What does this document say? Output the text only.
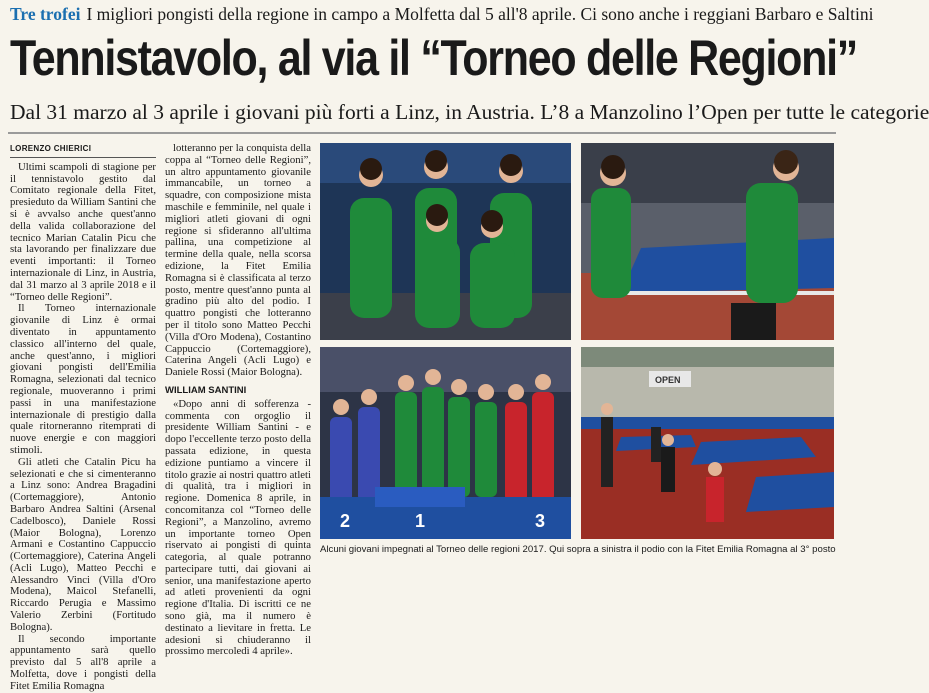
Tre trofei I migliori pongisti della regione in campo a Molfetta dal 5 all'8 aprile. Ci sono anche i reggiani Barbaro e Saltini
Tennistavolo, al via il “Torneo delle Regioni”
Dal 31 marzo al 3 aprile i giovani più forti a Linz, in Austria. L’8 a Manzolino l’Open per tutte le categorie

LORENZO CHIERICI

Ultimi scampoli di stagione per il tennistavolo gestito dal Comitato regionale della Fitet, presieduto da William Santini che si è avvalso anche quest'anno della valida collaborazione del tecnico Marian Catalin Picu che sta lavorando per finalizzare due eventi importanti: il Torneo internazionale di Linz, in Austria, dal 31 marzo al 3 aprile 2018 e il “Torneo delle Regioni”.

Il Torneo internazionale giovanile di Linz è ormai diventato in appuntamento classico all'interno del quale, anche quest'anno, i migliori giovani pongisti dell'Emilia Romagna, selezionati dal tecnico regionale, muoveranno i primi passi in una manifestazione internazionale di prestigio dalla quale ritorneranno ritemprati di nuove energie e con maggiori stimoli.

Gli atleti che Catalin Picu ha selezionati e che si cimenteranno a Linz sono: Andrea Bragadini (Cortemaggiore), Antonio Barbaro Andrea Saltini (Arsenal Cadelbosco), Daniele Rossi (Maior Bologna), Lorenzo Armani e Costantino Cappuccio (Cortemaggiore), Caterina Angeli (Acli Lugo), Matteo Pecchi e Alessandro Vinci (Villa d'Oro Modena), Maicol Stefanelli, Riccardo Perugia e Massimo Valerio Zerbini (Fortitudo Bologna).

Il secondo importante appuntamento sarà quello previsto dal 5 all'8 aprile a Molfetta, dove i pongisti della Fitet Emilia Romagna

lotteranno per la conquista della coppa al “Torneo delle Regioni”, un altro appuntamento giovanile immancabile, un torneo a squadre, con composizione mista maschile e femminile, nel quale i migliori atleti giovani di ogni regione si sfideranno all'ultima pallina, una competizione al termine della quale, nella scorsa edizione, la Fitet Emilia Romagna si è classificata al terzo posto, mentre quest'anno punta al gradino più alto del podio. I quattro pongisti che lotteranno per il titolo sono Matteo Pecchi (Villa d'Oro Modena), Costantino Cappuccio (Cortemaggiore), Caterina Angeli (Acli Lugo) e Daniele Rossi (Maior Bologna).

WILLIAM SANTINI

«Dopo anni di sofferenza - commenta con orgoglio il presidente William Santini - e dopo l'eccellente terzo posto della passata edizione, in questa edizione puntiamo a vincere il titolo grazie ai nostri quattro atleti di qualità, tra i migliori in regione. Domenica 8 aprile, in concomitanza col “Torneo delle Regioni”, a Manzolino, avremo un importante torneo Open riservato ai pongisti di quinta categoria, al quale potranno partecipare tutti, dai giovani ai senior, una manifestazione aperto ad atleti provenienti da ogni regione d'Italia. Di iscritti ce ne sono già, ma il numero è destinato a lievitare in fretta. Le adesioni si chiuderanno il prossimo mercoledì 4 aprile».

2	1	3
OPEN
Alcuni giovani impegnati al Torneo delle regioni 2017. Qui sopra a sinistra il podio con la Fitet Emilia Romagna al 3° posto
